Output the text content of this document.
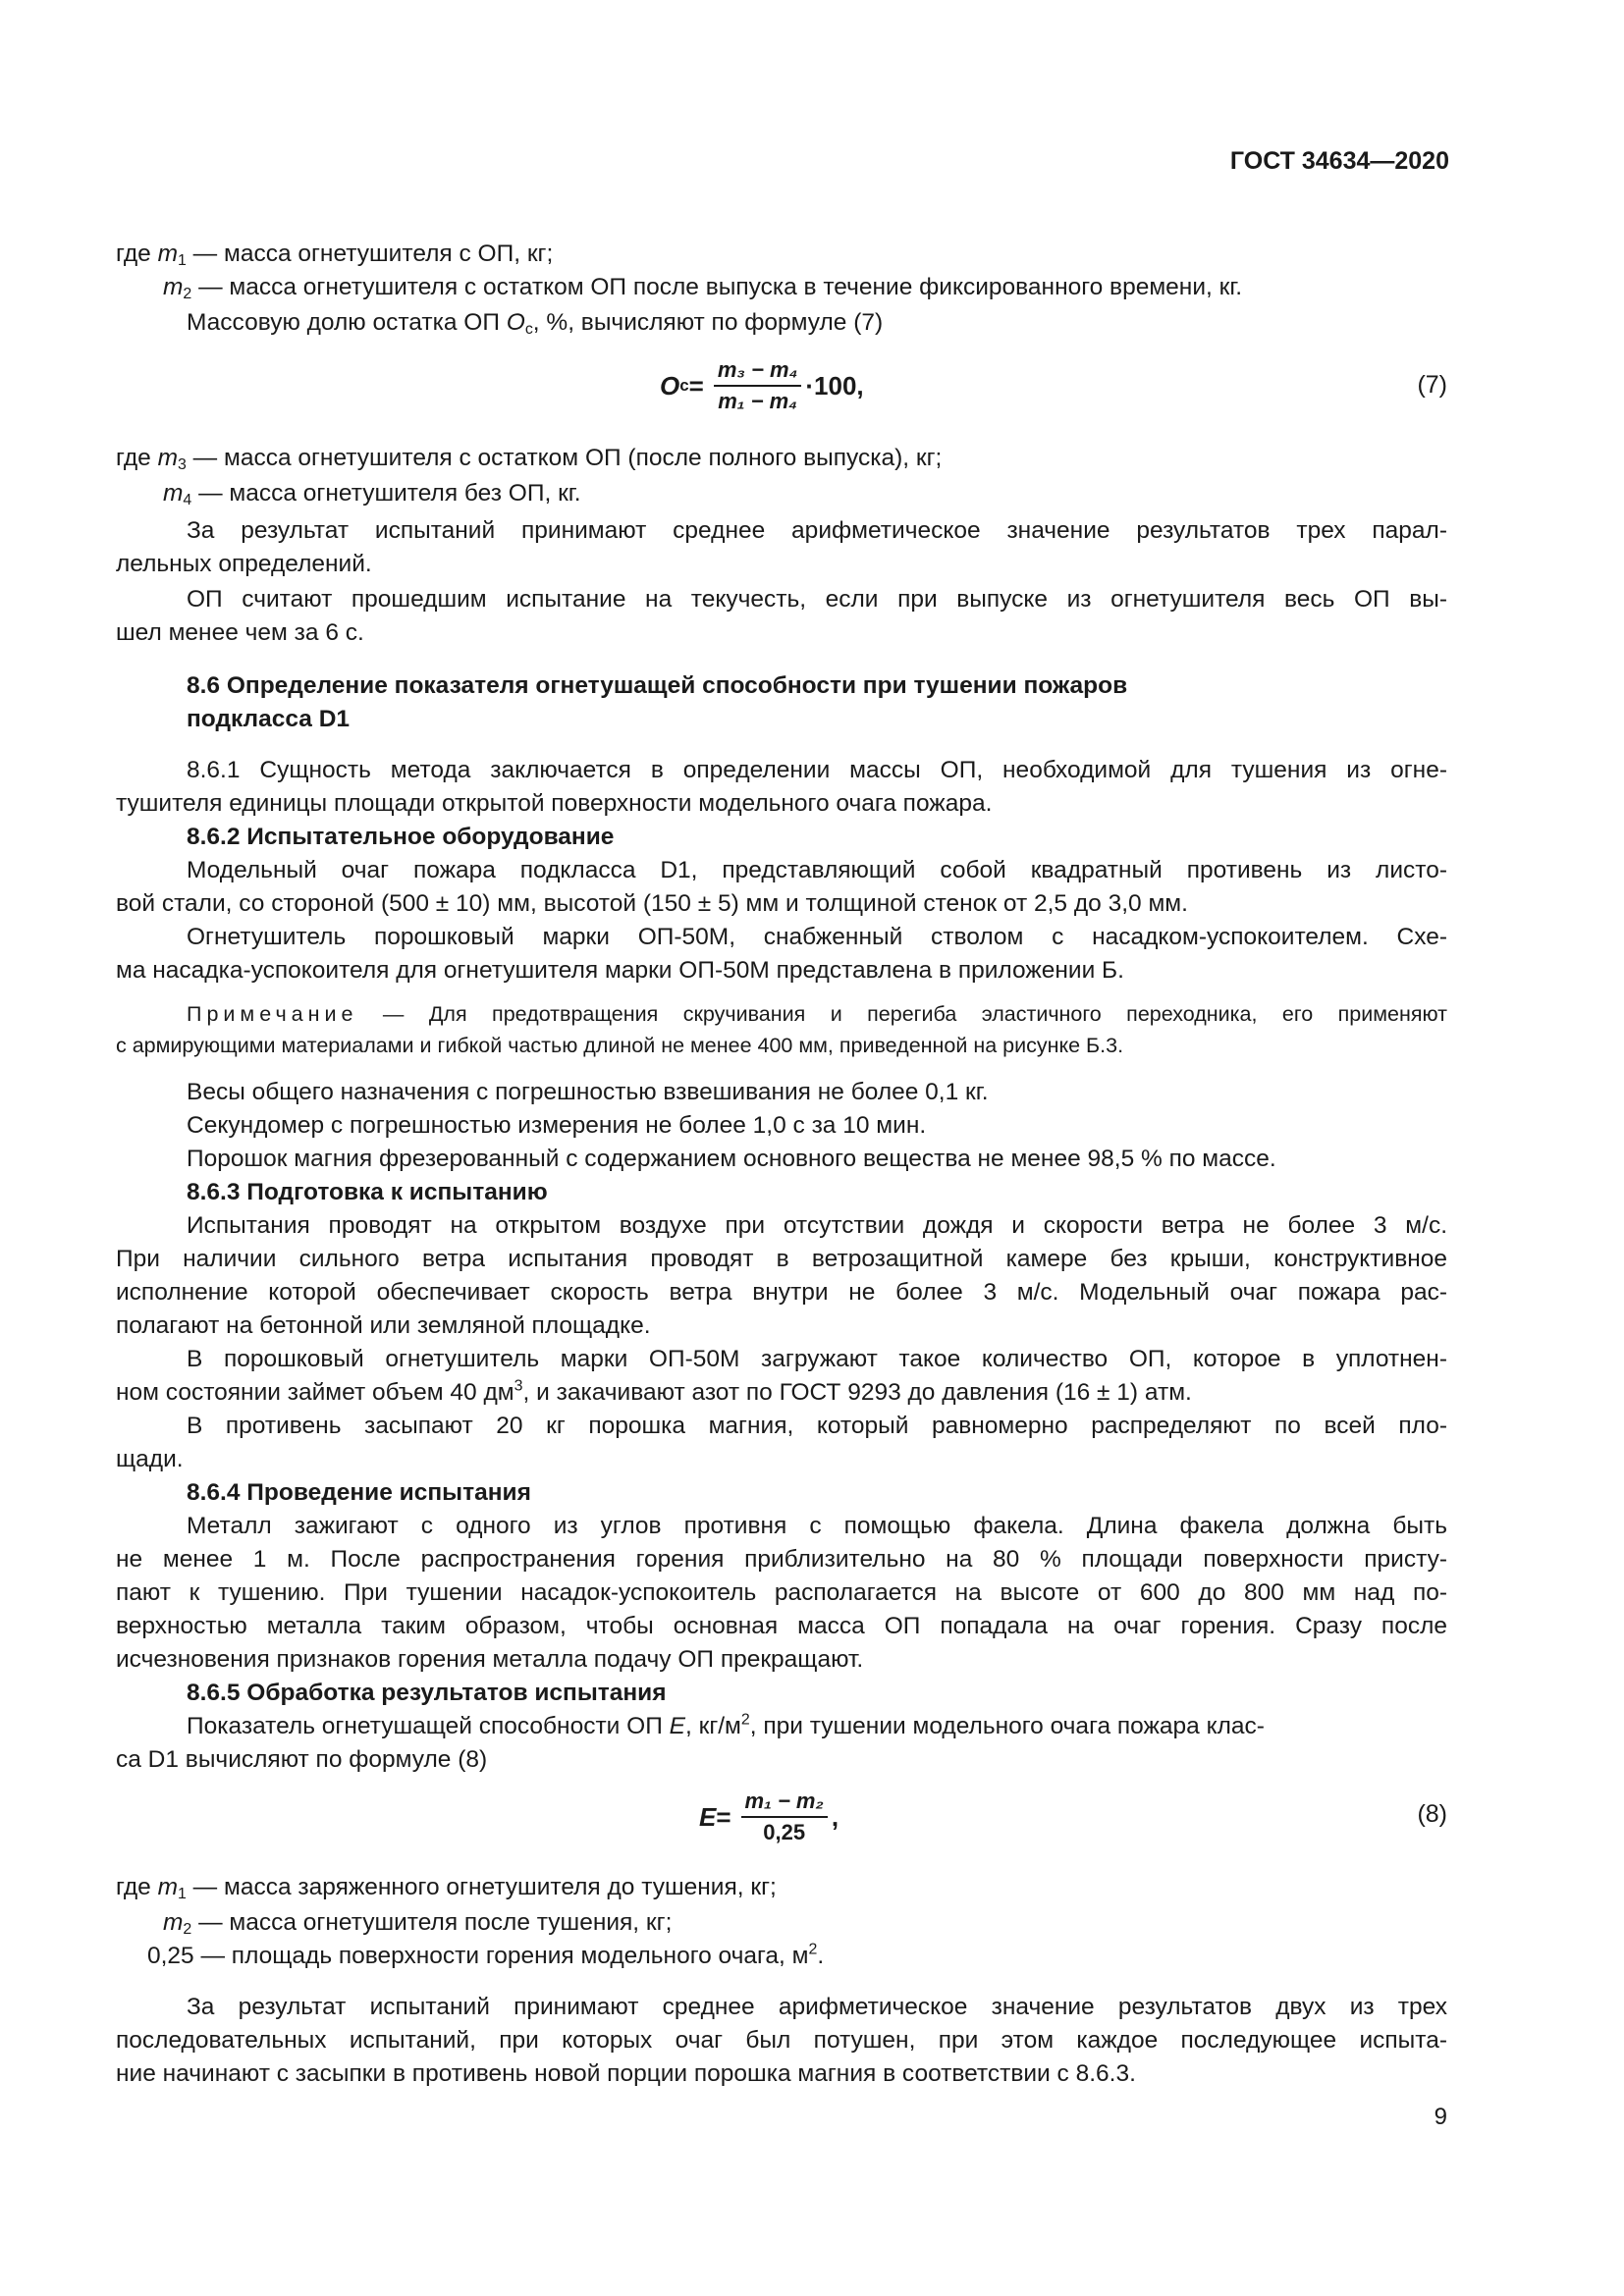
ГОСТ 34634—2020
где $m_1$ — масса огнетушителя с ОП, кг;
$m_2$ — масса огнетушителя с остатком ОП после выпуска в течение фиксированного времени, кг.
Массовую долю остатка ОП $O_c$, %, вычисляют по формуле (7)
O $c = \frac{\text{m₃ − m₄}}{\text{m₁ − m₄}} \cdot 100$,	(7)
где $m_3$ — масса огнетушителя с остатком ОП (после полного выпуска), кг;
$m_4$ — масса огнетушителя без ОП, кг.
За результат испытаний принимают среднее арифметическое значение результатов трех парал-
лельных определений.
ОП считают прошедшим испытание на текучесть, если при выпуске из огнетушителя весь ОП вы-
шел менее чем за 6 с.
8.6 Определение показателя огнетушащей способности при тушении пожаров
подкласса D1
8.6.1 Сущность метода заключается в определении массы ОП, необходимой для тушения из огне-
тушителя единицы площади открытой поверхности модельного очага пожара.
8.6.2 Испытательное оборудование
Модельный очаг пожара подкласса D1, представляющий собой квадратный противень из листо-
вой стали, со стороной (500 ± 10) мм, высотой (150 ± 5) мм и толщиной стенок от 2,5 до 3,0 мм.
Огнетушитель порошковый марки ОП-50М, снабженный стволом с насадком-успокоителем. Схе-
ма насадка-успокоителя для огнетушителя марки ОП-50М представлена в приложении Б.
Примечание — Для предотвращения скручивания и перегиба эластичного переходника, его применяют
с армирующими материалами и гибкой частью длиной не менее 400 мм, приведенной на рисунке Б.3.
Весы общего назначения с погрешностью взвешивания не более 0,1 кг.
Секундомер с погрешностью измерения не более 1,0 с за 10 мин.
Порошок магния фрезерованный с содержанием основного вещества не менее 98,5 % по массе.
8.6.3 Подготовка к испытанию
Испытания проводят на открытом воздухе при отсутствии дождя и скорости ветра не более 3 м/с.
При наличии сильного ветра испытания проводят в ветрозащитной камере без крыши, конструктивное
исполнение которой обеспечивает скорость ветра внутри не более 3 м/с. Модельный очаг пожара рас-
полагают на бетонной или земляной площадке.
В порошковый огнетушитель марки ОП-50М загружают такое количество ОП, которое в уплотнен-
ном состоянии займет объем 40 $дм^3$, и закачивают азот по ГОСТ 9293 до давления (16 ± 1) атм.
В противень засыпают 20 кг порошка магния, который равномерно распределяют по всей пло-
щади.
8.6.4 Проведение испытания
Металл зажигают с одного из углов противня с помощью факела. Длина факела должна быть
не менее 1 м. После распространения горения приблизительно на 80 % площади поверхности присту-
пают к тушению. При тушении насадок-успокоитель располагается на высоте от 600 до 800 мм над по-
верхностью металла таким образом, чтобы основная масса ОП попадала на очаг горения. Сразу после
исчезновения признаков горения металла подачу ОП прекращают.
8.6.5 Обработка результатов испытания
Показатель огнетушащей способности ОП E, $кг/м^2$, при тушении модельного очага пожара клас-
са D1 вычисляют по формуле (8)
$E = \frac{\text{m₁ − m₂}}{0,25}$ ,	(8)
где $m_1$ — масса заряженного огнетушителя до тушения, кг;
$m_2$ — масса огнетушителя после тушения, кг;
0,25 — площадь поверхности горения модельного очага, $м^2$.
За результат испытаний принимают среднее арифметическое значение результатов двух из трех
последовательных испытаний, при которых очаг был потушен, при этом каждое последующее испыта-
ние начинают с засыпки в противень новой порции порошка магния в соответствии с 8.6.3.
9
